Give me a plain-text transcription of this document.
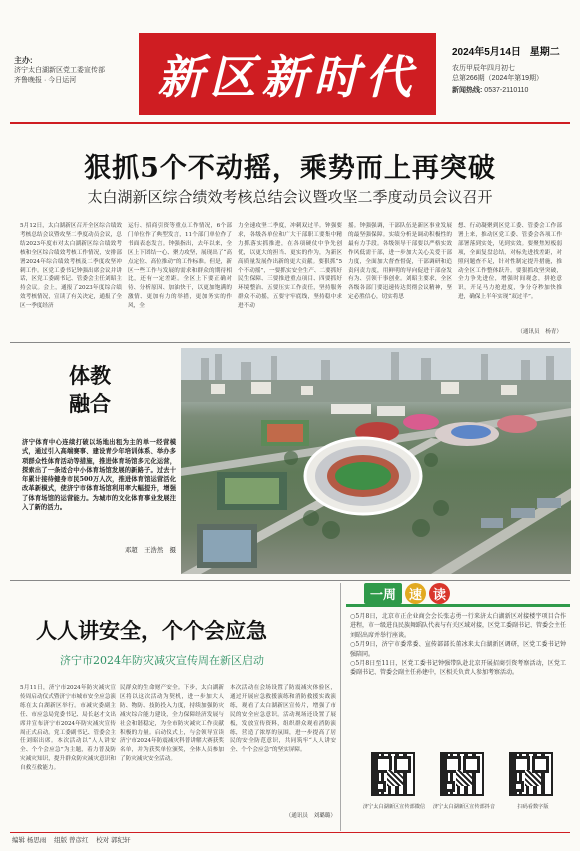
主办:
济宁太白湖新区党工委宣传部
齐鲁晚报 · 今日运河	新区新时代	2024年5月14日 星期二
农历甲辰年四月初七
总第266期（2024年第19期）
新闻热线: 0537-2110110
狠抓5个不动摇，乘势而上再突破
太白湖新区综合绩效考核总结会议暨攻坚二季度动员会议召开
5月12日，太白湖新区召开全区综合绩效考核总结会议暨攻坚二季度动员会议，总结2023年度市对太白湖新区综合绩效考核和全区综合绩效考核工作情况，安排部署2024年综合绩效考核及二季度攻坚冲刺工作。区党工委书记钟强出席会议并讲话，区党工委副书记、管委会主任刘昭主持会议。会上，通报了2023年度综合绩效考核情况，宣读了有关决定，通报了全区一季度经济
运行、招商引资等重点工作情况，6个部门单位作了典型发言，11个部门单位作了书面表态发言。钟强指出，去年以来，全区上下团结一心、聚力攻坚，展现出了“高点定位、高位推动”的工作标准。但是，新区一些工作与发展的需求和群众的期待相比，还有一定差距。全区上下要正确对待、分析原因、加油快干，以更加饱满的激情、更加有力的举措，更加务实的作风，全
力全速攻坚二季度，冲刺双过半。钟强要求，各级各单位和广大干部职工要集中精力抓落实抓推进，在各项硬仗中争先创优，以更大的担当、更实的作为，为新区高质量发展作出新的更大贡献。要狠抓“5个不动摇”，一要抓实安全生产、二要抓好民生保障、三要推进重点项目、四要抓好环境整治、五要压实工作责任，坚持服务群众不动摇，五要守牢底线，坚持稳中求进不动
摇。钟强强调，干部队伍是新区事业发展的最坚强保障。实绩分析是调动积极性的最有力手段。各级领导干部要以严格实效作风低需干部，进一步加大关心关爱干部力度，全面加大督查督促，干部调研和追责问责力度，用鲜明的导向促进干部奋发有为、引领干事创业。刘昭主要求，全区各级各部门要迅速传达贯彻会议精神，坚定必胜信心，切实将思
想、行动凝聚到区党工委、管委会工作部署上来，推动区党工委、管委会各项工作部署落到实处，见到实效。要聚焦短板弱项，全面复盘总结，对标先进找差距，对照问题查不足，针对性制定提升措施，推动全区工作整体跃升。要狠抓攻坚突破，全力争先进位，增强时间观念，拼抢意识，开足马力抢进度，争分夺秒加快推进，确保上半年实现“双过半”。
（通讯员　杨青）
体教
融合
济宁体育中心连续打破以场地出租为主的单一经营模式，通过引入高端赛事、建设青少年培训体系、举办多项群众性体育活动等措施，推进体育场馆多元化运营，探索出了一条适合中小体育场馆发展的新路子。过去十年累计接待健身市民500万人次，推进体育馆运营活化改革新模式，使济宁市体育场馆利用率大幅提升，增强了体育场馆的运营能力。为城市的文化体育事业发展注入了新的活力。
邓超　王浩然　摄
人人讲安全，个个会应急
济宁市2024年防灾减灾宣传周在新区启动
5月11日，济宁市2024年防灾减灾宣传周启动仪式暨济宁市城市安全应急演练在太白湖新区举行。市减灾委副主任、市应急局党委书记、局长赵才文出席并宣布济宁市2024年防灾减灾宣传周正式启动。党工委副书记、管委会主任刘昭出席。本次活动以“人人讲安全、个个会应急”为主题，着力普及防灾减灾知识，提升群众防灾减灾意识和自救互救能力。
民群众的生命财产安全。下步，太白湖新区将以这次活动为契机，进一步加大人防、物防、技防投入力度，持续加强防灾减灾综合能力建设，全力保障经济发展与社会和谐稳定，为全市防灾减灾工作贡献积极的力量。启动仪式上，与会领导宣读济宁市2024年防震减灾科普讲解大赛获奖名单，并为获奖单位颁奖，全体人员参加了防灾减灾安全活动。
本次活动在会场设置了防震减灾体验区，通过开展应急救援演练和消防救援实战演练，观看了太白湖新区宣传片，增强了市民的安全应急意识。活动现场还设置了展板，发放宣传资料，组织群众观看消防演练，营造了浓厚的氛围，进一步提高了居民的安全防范意识，共同筑牢“人人讲安全、个个会应急”的坚实屏障。
（通讯员　刘璐璐）
一周	速 读
○5月8日，北京市正企业商会会长张志勇一行来济太白湖新区对接楼宇项目合作进程，市一级进良民族舞蹈队代表与有关区域对接，区党工委副书记、管委会主任刘昭出席并举行座谈。
○5月9日，济宁市委常委、宣传部部长董冰来太白湖新区调研，区党工委书记钟强陪同。
○5月8日至11日，区党工委书记钟强带队赴北京开展招商引资考察活动，区党工委副书记、管委会副主任孙建中，区相关负责人参加考察活动。
济宁太白湖新区宣传部微信	济宁太白湖新区宣传部抖音	扫码看数字版
编辑 杨思雨 组版 曾彦红 校对 郭纪轩
